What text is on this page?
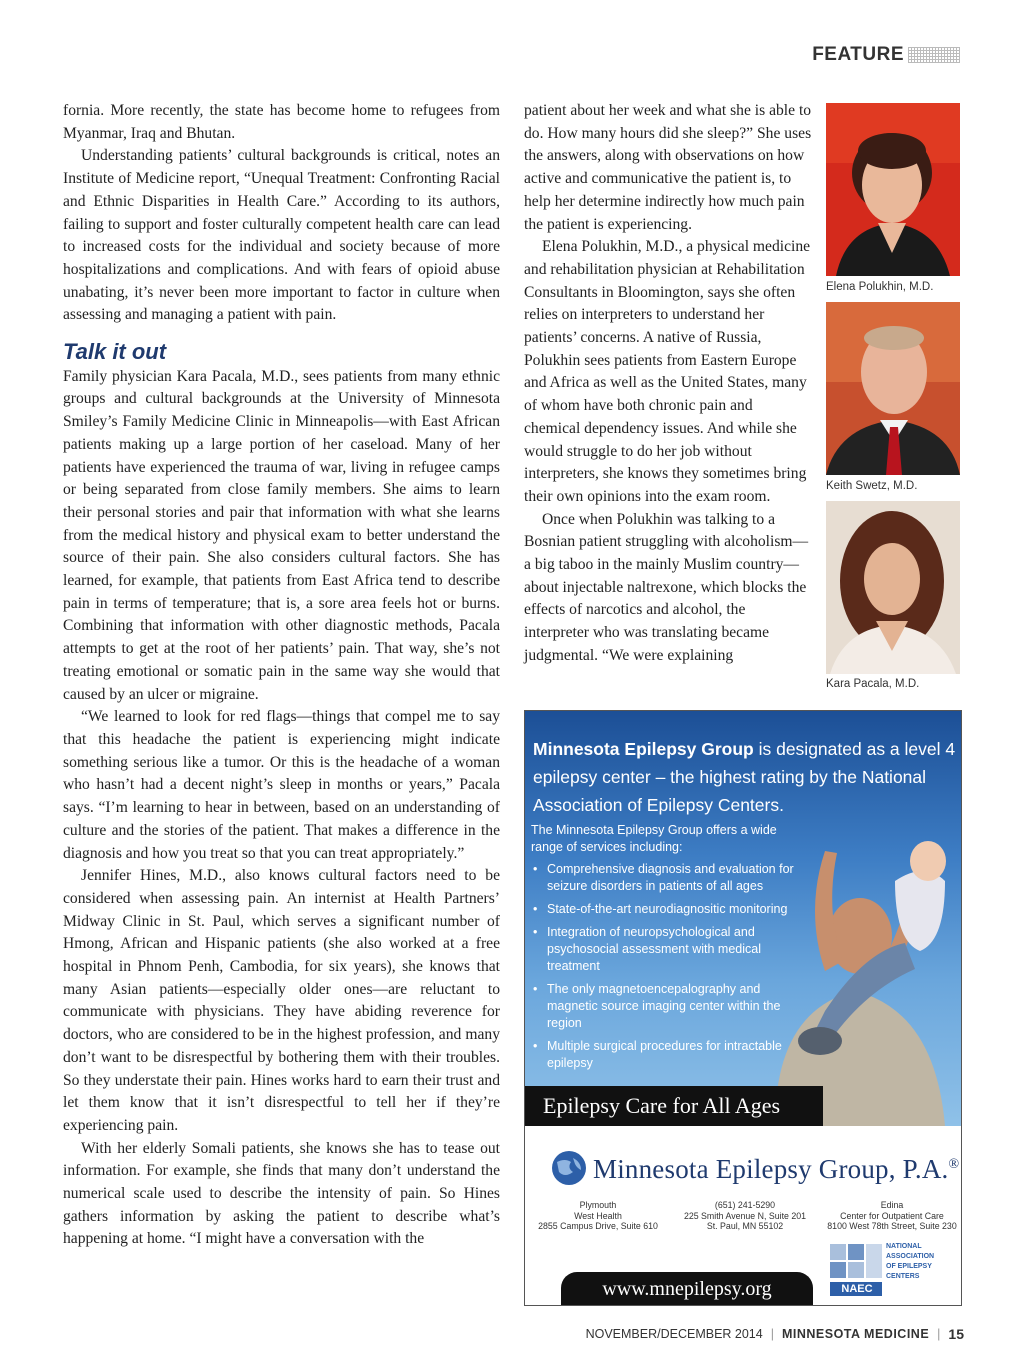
FEATURE

fornia. More recently, the state has become home to refugees from Myanmar, Iraq and Bhutan.

Understanding patients’ cultural backgrounds is critical, notes an Institute of Medicine report, “Unequal Treatment: Confronting Racial and Ethnic Disparities in Health Care.” According to its authors, failing to support and foster culturally competent health care can lead to increased costs for the individual and society because of more hospitalizations and complications. And with fears of opioid abuse unabating, it’s never been more important to factor in culture when assessing and managing a patient with pain.

Talk it out

Family physician Kara Pacala, M.D., sees patients from many ethnic groups and cultural backgrounds at the University of Minnesota Smiley’s Family Medicine Clinic in Minneapolis—with East African patients making up a large portion of her caseload. Many of her patients have experienced the trauma of war, living in refugee camps or being separated from close family members. She aims to learn their personal stories and pair that information with what she learns from the medical history and physical exam to better understand the source of their pain. She also considers cultural factors. She has learned, for example, that patients from East Africa tend to describe pain in terms of temperature; that is, a sore area feels hot or burns. Combining that information with other diagnostic methods, Pacala attempts to get at the root of her patients’ pain. That way, she’s not treating emotional or somatic pain in the same way she would that caused by an ulcer or migraine.

“We learned to look for red flags—things that compel me to say that this headache the patient is experiencing might indicate something serious like a tumor. Or this is the headache of a woman who hasn’t had a decent night’s sleep in months or years,” Pacala says. “I’m learning to hear in between, based on an understanding of culture and the stories of the patient. That makes a difference in the diagnosis and how you treat so that you can treat appropriately.”

Jennifer Hines, M.D., also knows cultural factors need to be considered when assessing pain. An internist at Health Partners’ Midway Clinic in St. Paul, which serves a significant number of Hmong, African and Hispanic patients (she also worked at a free hospital in Phnom Penh, Cambodia, for six years), she knows that many Asian patients—especially older ones—are reluctant to communicate with physicians. They have abiding reverence for doctors, who are considered to be in the highest profession, and many don’t want to be disrespectful by bothering them with their troubles. So they understate their pain. Hines works hard to earn their trust and let them know that it isn’t disrespectful to tell her if they’re experiencing pain.

With her elderly Somali patients, she knows she has to tease out information. For example, she finds that many don’t understand the numerical scale used to describe the intensity of pain. So Hines gathers information by asking the patient to describe what’s happening at home. “I might have a conversation with the

patient about her week and what she is able to do. How many hours did she sleep?” She uses the answers, along with observations on how active and communicative the patient is, to help her determine indirectly how much pain the patient is experiencing.

Elena Polukhin, M.D., a physical medicine and rehabilitation physician at Rehabilitation Consultants in Bloomington, says she often relies on interpreters to understand her patients’ concerns. A native of Russia, Polukhin sees patients from Eastern Europe and Africa as well as the United States, many of whom have both chronic pain and chemical dependency issues. And while she would struggle to do her job without interpreters, she knows they sometimes bring their own opinions into the exam room.

Once when Polukhin was talking to a Bosnian patient struggling with alcoholism—a big taboo in the mainly Muslim country—about injectable naltrexone, which blocks the effects of narcotics and alcohol, the interpreter who was translating became judgmental. “We were explaining

Elena Polukhin, M.D.
Keith Swetz, M.D.
Kara Pacala, M.D.
Minnesota Epilepsy Group is designated as a level 4 epilepsy center – the highest rating by the National Association of Epilepsy Centers.
The Minnesota Epilepsy Group offers a wide range of services including:
• Comprehensive diagnosis and evaluation for seizure disorders in patients of all ages
• State-of-the-art neurodiagnositic monitoring
• Integration of neuropsychological and psychosocial assessment with medical treatment
• The only magnetoencepalography and magnetic source imaging center within the region
• Multiple surgical procedures for intractable epilepsy
Epilepsy Care for All Ages
Minnesota Epilepsy Group, P.A.®
Plymouth
West Health
2855 Campus Drive, Suite 610
(651) 241-5290
225 Smith Avenue N, Suite 201
St. Paul, MN 55102
Edina
Center for Outpatient Care
8100 West 78th Street, Suite 230
www.mnepilepsy.org	NAEC
NATIONAL
ASSOCIATION
OF EPILEPSY
CENTERS
NOVEMBER/DECEMBER 2014 | MINNESOTA MEDICINE | 15
